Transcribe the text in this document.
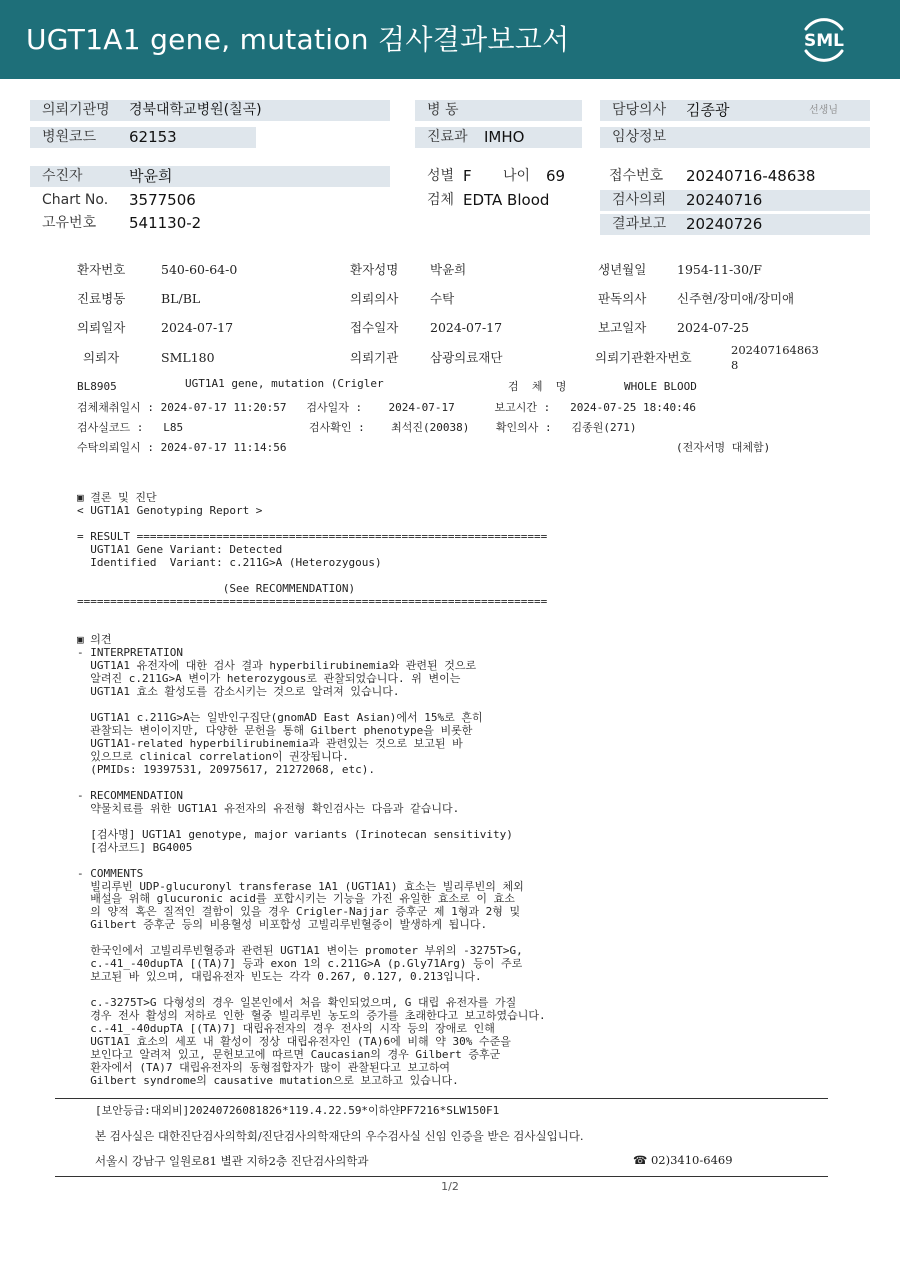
UGT1A1 gene, mutation 검사결과보고서	SML
의뢰기관명	경북대학교병원(칠곡)	병 동	담당의사	김종광	선생님
병원코드	62153	진료과	IMHO	임상정보
수진자	박윤희	성별 F 나이 69	접수번호 20240716-48638
Chart No. 3577506	검체 EDTA Blood	검사의뢰	20240716
고유번호 541130-2	결과보고	20240726
환자번호	540-60-64-0	환자성명	박윤희	생년월일 1954-11-30/F
진료병동	BL/BL	의뢰의사	수탁	판독의사 신주현/장미애/장미애
의뢰일자	2024-07-17	접수일자	2024-07-17	보고일자 2024-07-25
의뢰자	SML180	의뢰기관	삼광의료재단	의뢰기관환자번호	202407164863
8
BL8905	UGT1A1 gene, mutation (Crigler	검  체  명	WHOLE BLOOD
검체채취일시 : 2024-07-17 11:20:57   검사일자 :    2024-07-17      보고시간 :   2024-07-25 18:40:46
검사실코드 :   L85                   검사확인 :    최석진(20038)    확인의사 :   김종원(271)
수탁의뢰일시 : 2024-07-17 11:14:56	(전자서명 대체함)
▣ 결론 및 진단
< UGT1A1 Genotyping Report >
= RESULT ==============================================================
UGT1A1 Gene Variant: Detected
Identified  Variant: c.211G>A (Heterozygous)
(See RECOMMENDATION)
=======================================================================
▣ 의견
- INTERPRETATION
UGT1A1 유전자에 대한 검사 결과 hyperbilirubinemia와 관련된 것으로
알려진 c.211G>A 변이가 heterozygous로 관찰되었습니다. 위 변이는
UGT1A1 효소 활성도를 감소시키는 것으로 알려져 있습니다.
UGT1A1 c.211G>A는 일반인구집단(gnomAD East Asian)에서 15%로 흔히
관찰되는 변이이지만, 다양한 문헌을 통해 Gilbert phenotype을 비롯한
UGT1A1-related hyperbilirubinemia과 관련있는 것으로 보고된 바
있으므로 clinical correlation이 권장됩니다.
(PMIDs: 19397531, 20975617, 21272068, etc).
- RECOMMENDATION
약물치료를 위한 UGT1A1 유전자의 유전형 확인검사는 다음과 같습니다.
[검사명] UGT1A1 genotype, major variants (Irinotecan sensitivity)
[검사코드] BG4005
- COMMENTS
빌리루빈 UDP-glucuronyl transferase 1A1 (UGT1A1) 효소는 빌리루빈의 체외
배설을 위해 glucuronic acid를 포합시키는 기능을 가진 유일한 효소로 이 효소
의 양적 혹은 질적인 결함이 있을 경우 Crigler-Najjar 증후군 제 1형과 2형 및
Gilbert 증후군 등의 비용혈성 비포합성 고빌리루빈혈증이 발생하게 됩니다.
한국인에서 고빌리루빈혈증과 관련된 UGT1A1 변이는 promoter 부위의 -3275T>G,
c.-41_-40dupTA [(TA)7] 등과 exon 1의 c.211G>A (p.Gly71Arg) 등이 주로
보고된 바 있으며, 대립유전자 빈도는 각각 0.267, 0.127, 0.213입니다.
c.-3275T>G 다형성의 경우 일본인에서 처음 확인되었으며, G 대립 유전자를 가질
경우 전사 활성의 저하로 인한 혈중 빌리루빈 농도의 증가를 초래한다고 보고하였습니다.
c.-41_-40dupTA [(TA)7] 대립유전자의 경우 전사의 시작 등의 장애로 인해
UGT1A1 효소의 세포 내 활성이 정상 대립유전자인 (TA)6에 비해 약 30% 수준을
보인다고 알려져 있고, 문헌보고에 따르면 Caucasian의 경우 Gilbert 증후군
환자에서 (TA)7 대립유전자의 동형접합자가 많이 관찰된다고 보고하여
Gilbert syndrome의 causative mutation으로 보고하고 있습니다.
[보안등급:대외비]20240726081826*119.4.22.59*이하얀PF7216*SLW150F1
본 검사실은 대한진단검사의학회/진단검사의학재단의 우수검사실 신임 인증을 받은 검사실입니다.
서울시 강남구 일원로81 별관 지하2층 진단검사의학과	☎ 02)3410-6469
1/2
